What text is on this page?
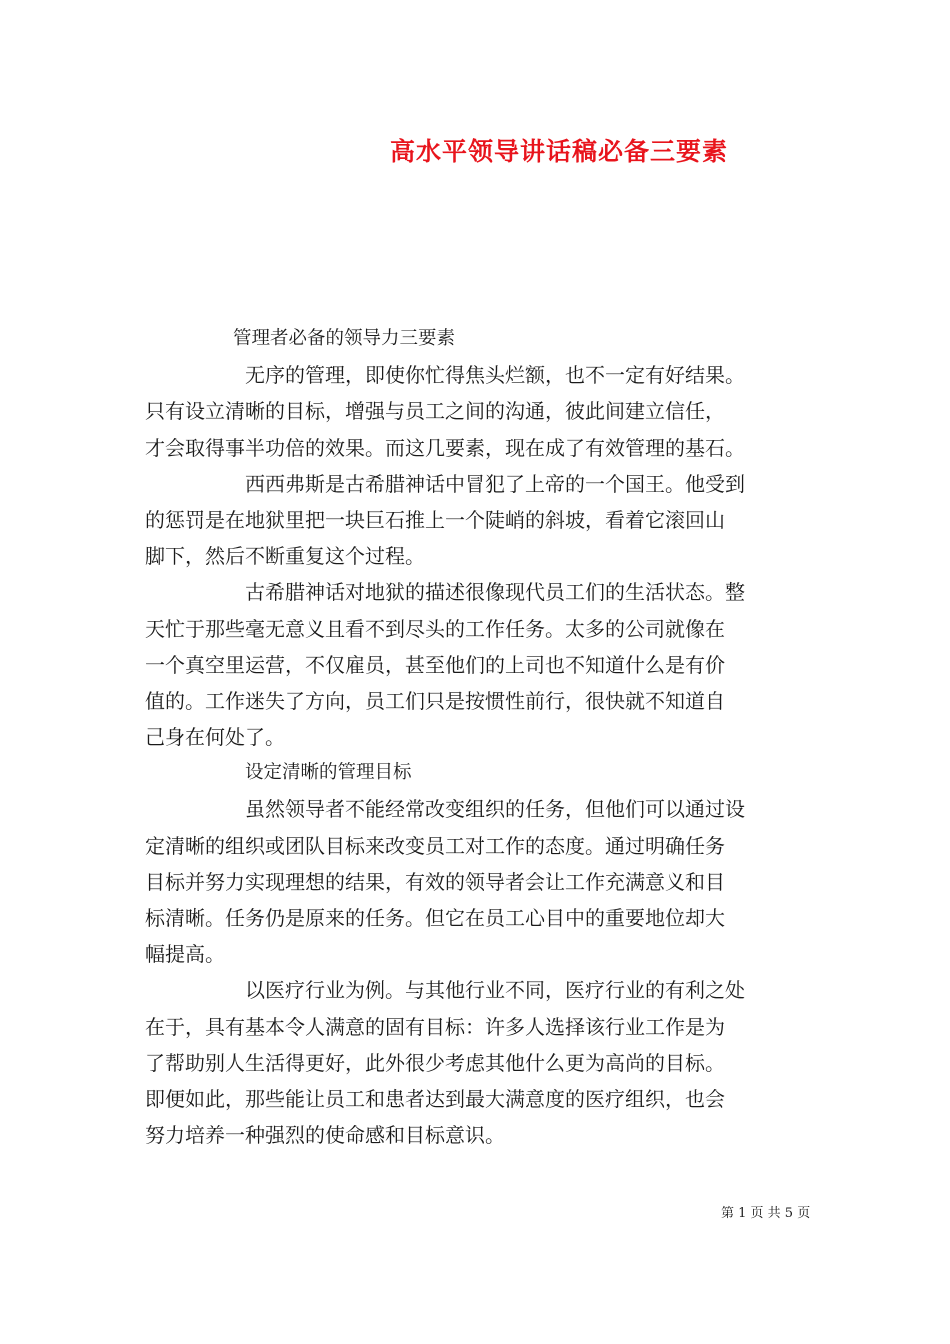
高水平领导讲话稿必备三要素
管理者必备的领导力三要素
无序的管理，即使你忙得焦头烂额，也不一定有好结果。
只有设立清晰的目标，增强与员工之间的沟通，彼此间建立信任，
才会取得事半功倍的效果。而这几要素，现在成了有效管理的基石。
西西弗斯是古希腊神话中冒犯了上帝的一个国王。他受到
的惩罚是在地狱里把一块巨石推上一个陡峭的斜坡，看着它滚回山
脚下，然后不断重复这个过程。
古希腊神话对地狱的描述很像现代员工们的生活状态。整
天忙于那些毫无意义且看不到尽头的工作任务。太多的公司就像在
一个真空里运营，不仅雇员，甚至他们的上司也不知道什么是有价
值的。工作迷失了方向，员工们只是按惯性前行，很快就不知道自
己身在何处了。
设定清晰的管理目标
虽然领导者不能经常改变组织的任务，但他们可以通过设
定清晰的组织或团队目标来改变员工对工作的态度。通过明确任务
目标并努力实现理想的结果，有效的领导者会让工作充满意义和目
标清晰。任务仍是原来的任务。但它在员工心目中的重要地位却大
幅提高。
以医疗行业为例。与其他行业不同，医疗行业的有利之处
在于，具有基本令人满意的固有目标：许多人选择该行业工作是为
了帮助别人生活得更好，此外很少考虑其他什么更为高尚的目标。
即便如此，那些能让员工和患者达到最大满意度的医疗组织，也会
努力培养一种强烈的使命感和目标意识。
第 1 页 共 5 页
